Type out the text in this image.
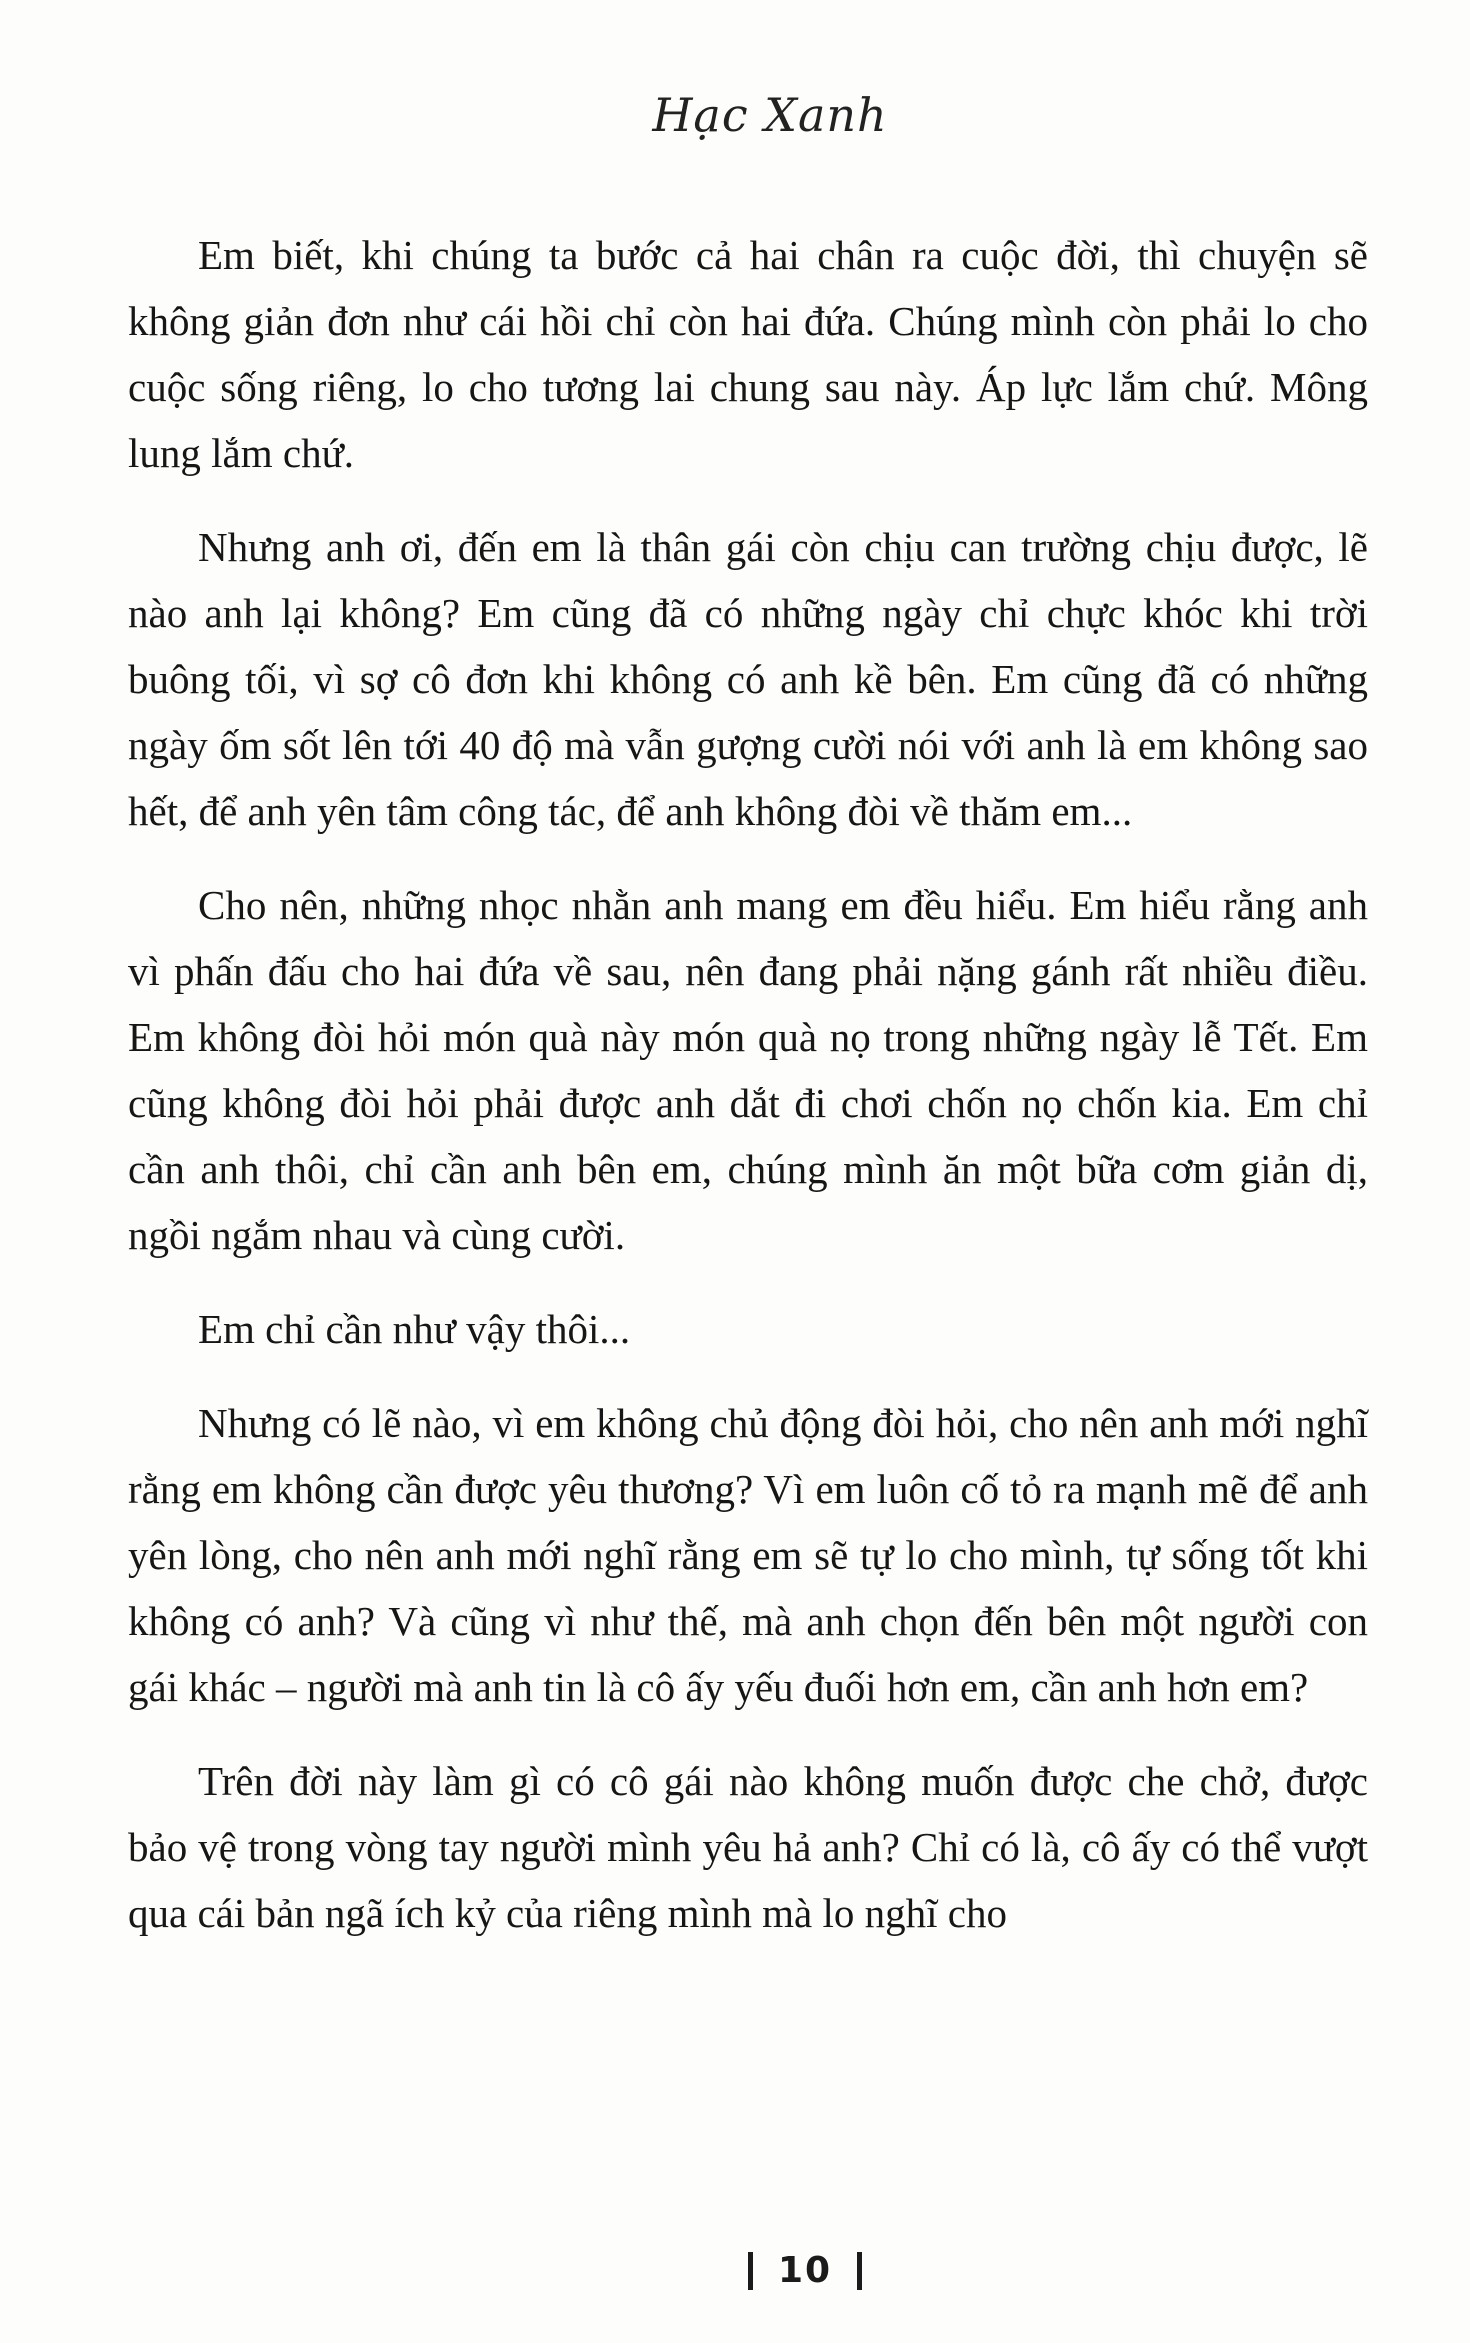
Hạc Xanh

Em biết, khi chúng ta bước cả hai chân ra cuộc đời, thì chuyện sẽ không giản đơn như cái hồi chỉ còn hai đứa. Chúng mình còn phải lo cho cuộc sống riêng, lo cho tương lai chung sau này. Áp lực lắm chứ. Mông lung lắm chứ.

Nhưng anh ơi, đến em là thân gái còn chịu can trường chịu được, lẽ nào anh lại không? Em cũng đã có những ngày chỉ chực khóc khi trời buông tối, vì sợ cô đơn khi không có anh kề bên. Em cũng đã có những ngày ốm sốt lên tới 40 độ mà vẫn gượng cười nói với anh là em không sao hết, để anh yên tâm công tác, để anh không đòi về thăm em...

Cho nên, những nhọc nhằn anh mang em đều hiểu. Em hiểu rằng anh vì phấn đấu cho hai đứa về sau, nên đang phải nặng gánh rất nhiều điều. Em không đòi hỏi món quà này món quà nọ trong những ngày lễ Tết. Em cũng không đòi hỏi phải được anh dắt đi chơi chốn nọ chốn kia. Em chỉ cần anh thôi, chỉ cần anh bên em, chúng mình ăn một bữa cơm giản dị, ngồi ngắm nhau và cùng cười.

Em chỉ cần như vậy thôi...

Nhưng có lẽ nào, vì em không chủ động đòi hỏi, cho nên anh mới nghĩ rằng em không cần được yêu thương? Vì em luôn cố tỏ ra mạnh mẽ để anh yên lòng, cho nên anh mới nghĩ rằng em sẽ tự lo cho mình, tự sống tốt khi không có anh? Và cũng vì như thế, mà anh chọn đến bên một người con gái khác – người mà anh tin là cô ấy yếu đuối hơn em, cần anh hơn em?

Trên đời này làm gì có cô gái nào không muốn được che chở, được bảo vệ trong vòng tay người mình yêu hả anh? Chỉ có là, cô ấy có thể vượt qua cái bản ngã ích kỷ của riêng mình mà lo nghĩ cho

10
